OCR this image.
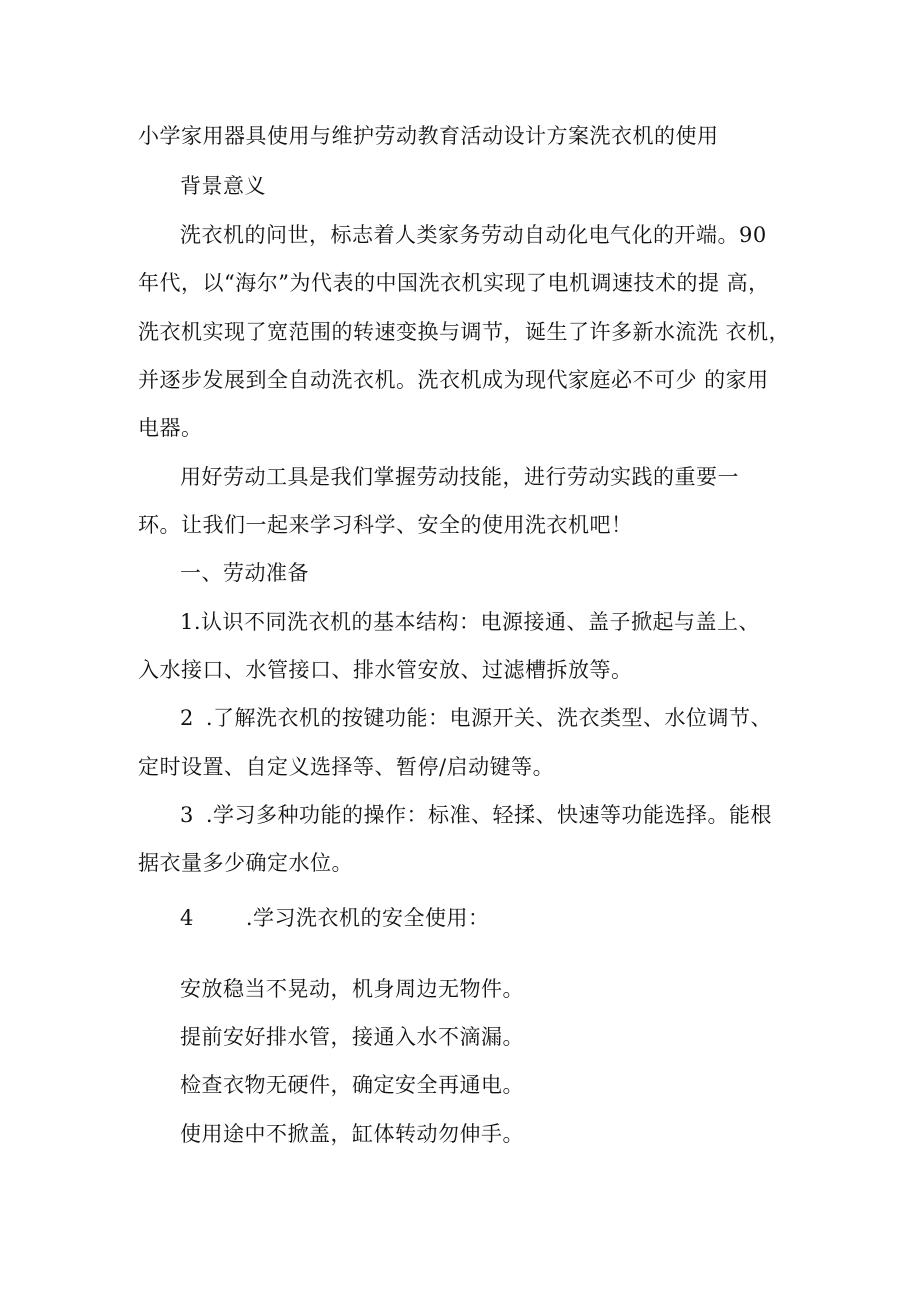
小学家用器具使用与维护劳动教育活动设计方案洗衣机的使用
背景意义
洗衣机的问世，标志着人类家务劳动自动化电气化的开端。90
年代，以“海尔”为代表的中国洗衣机实现了电机调速技术的提 高，
洗衣机实现了宽范围的转速变换与调节，诞生了许多新水流洗 衣机，
并逐步发展到全自动洗衣机。洗衣机成为现代家庭必不可少 的家用
电器。
用好劳动工具是我们掌握劳动技能，进行劳动实践的重要一
环。让我们一起来学习科学、安全的使用洗衣机吧！
一、劳动准备
1.认识不同洗衣机的基本结构：电源接通、盖子掀起与盖上、
入水接口、水管接口、排水管安放、过滤槽拆放等。
2 .了解洗衣机的按键功能：电源开关、洗衣类型、水位调节、
定时设置、自定义选择等、暂停/启动键等。
3 .学习多种功能的操作：标准、轻揉、快速等功能选择。能根
据衣量多少确定水位。
4 .学习洗衣机的安全使用：
安放稳当不晃动，机身周边无物件。
提前安好排水管，接通入水不滴漏。
检查衣物无硬件，确定安全再通电。
使用途中不掀盖，缸体转动勿伸手。
